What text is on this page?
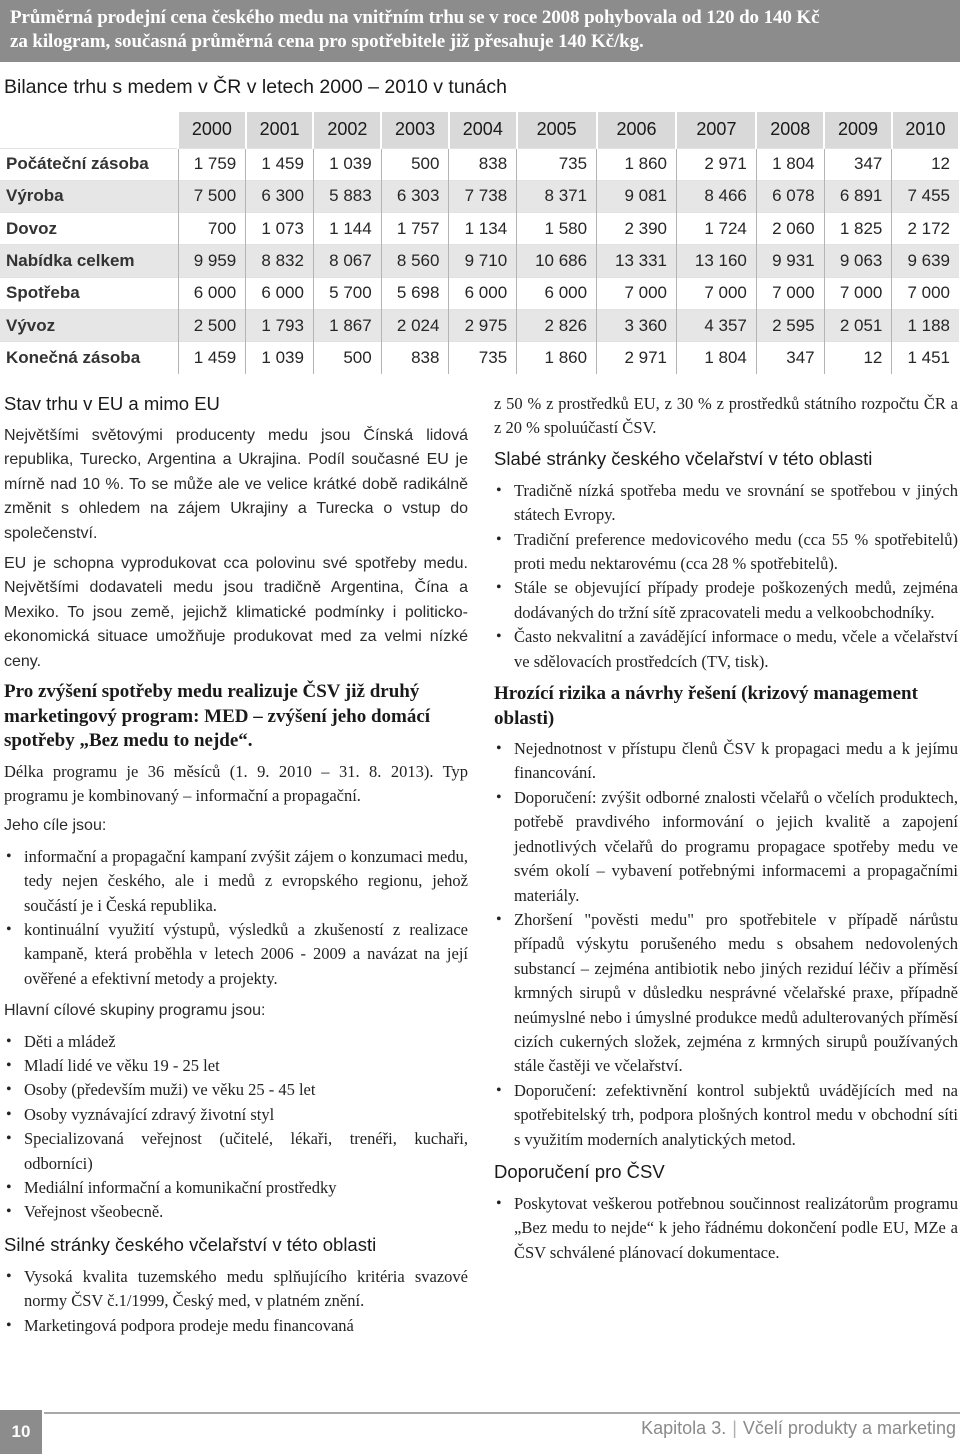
Průměrná prodejní cena českého medu na vnitřním trhu se v roce 2008 pohybovala od 120 do 140 Kč
za kilogram, současná průměrná cena pro spotřebitele již přesahuje 140 Kč/kg.
Bilance trhu s medem v ČR v letech 2000 – 2010 v tunách
	2000	2001	2002	2003	2004	2005	2006	2007	2008	2009	2010
Počáteční zásoba	1 759	1 459	1 039	500	838	735	1 860	2 971	1 804	347	12
Výroba	7 500	6 300	5 883	6 303	7 738	8 371	9 081	8 466	6 078	6 891	7 455
Dovoz	700	1 073	1 144	1 757	1 134	1 580	2 390	1 724	2 060	1 825	2 172
Nabídka celkem	9 959	8 832	8 067	8 560	9 710	10 686	13 331	13 160	9 931	9 063	9 639
Spotřeba	6 000	6 000	5 700	5 698	6 000	6 000	7 000	7 000	7 000	7 000	7 000
Vývoz	2 500	1 793	1 867	2 024	2 975	2 826	3 360	4 357	2 595	2 051	1 188
Konečná zásoba	1 459	1 039	500	838	735	1 860	2 971	1 804	347	12	1 451
Stav trhu v EU a mimo EU

Největšími světovými producenty medu jsou Čínská lidová republika, Turecko, Argentina a Ukrajina. Podíl současné EU je mírně nad 10 %. To se může ale ve velice krátké době radikálně změnit s ohledem na zájem Ukrajiny a Turecka o vstup do společenství.

EU je schopna vyprodukovat cca polovinu své spotřeby medu. Největšími dodavateli medu jsou tradičně Argentina, Čína a Mexiko. To jsou země, jejichž klimatické podmínky i politicko-ekonomická situace umožňuje produkovat med za velmi nízké ceny.

Pro zvýšení spotřeby medu realizuje ČSV již druhý marketingový program: MED – zvýšení jeho domácí spotřeby „Bez medu to nejde“.

Délka programu je 36 měsíců (1. 9. 2010 – 31. 8. 2013). Typ programu je kombinovaný – informační a propagační.

Jeho cíle jsou:

• informační a propagační kampaní zvýšit zájem o konzumaci medu, tedy nejen českého, ale i medů z evropského regionu, jehož součástí je i Česká republika.
• kontinuální využití výstupů, výsledků a zkušeností z realizace kampaně, která proběhla v letech 2006 - 2009 a navázat na její ověřené a efektivní metody a projekty.

Hlavní cílové skupiny programu jsou:

• Děti a mládež
• Mladí lidé ve věku 19 - 25 let
• Osoby (především muži) ve věku 25 - 45 let
• Osoby vyznávající zdravý životní styl
• Specializovaná veřejnost (učitelé, lékaři, trenéři, kuchaři, odborníci)
• Mediální informační a komunikační prostředky
• Veřejnost všeobecně.
Silné stránky českého včelařství v této oblasti
• Vysoká kvalita tuzemského medu splňujícího kritéria svazové normy ČSV č.1/1999, Český med, v platném znění.
• Marketingová podpora prodeje medu financovaná

z 50 % z prostředků EU, z 30 % z prostředků státního rozpočtu ČR a z 20 % spoluúčastí ČSV.

Slabé stránky českého včelařství v této oblasti
• Tradičně nízká spotřeba medu ve srovnání se spotřebou v jiných státech Evropy.
• Tradiční preference medovicového medu (cca 55 % spotřebitelů) proti medu nektarovému (cca 28 % spotřebitelů).
• Stále se objevující případy prodeje poškozených medů, zejména dodávaných do tržní sítě zpracovateli medu a velkoobchodníky.
• Často nekvalitní a zavádějící informace o medu, včele a včelařství ve sdělovacích prostředcích (TV, tisk).
Hrozící rizika a návrhy řešení (krizový management oblasti)
• Nejednotnost v přístupu členů ČSV k propagaci medu a k jejímu financování.
• Doporučení: zvýšit odborné znalosti včelařů o včelích produktech, potřebě pravdivého informování o jejich kvalitě a zapojení jednotlivých včelařů do programu propagace spotřeby medu ve svém okolí – vybavení potřebnými informacemi a propagačními materiály.
• Zhoršení "pověsti medu" pro spotřebitele v případě nárůstu případů výskytu porušeného medu s obsahem nedovolených substancí – zejména antibiotik nebo jiných reziduí léčiv a příměsí krmných sirupů v důsledku nesprávné včelařské praxe, případně neúmyslné nebo i úmyslné produkce medů adulterovaných příměsí cizích cukerných složek, zejména z krmných sirupů používaných stále častěji ve včelařství.
• Doporučení: zefektivnění kontrol subjektů uvádějících med na spotřebitelský trh, podpora plošných kontrol medu v obchodní síti s využitím moderních analytických metod.
Doporučení pro ČSV
• Poskytovat veškerou potřebnou součinnost realizátorům programu „Bez medu to nejde“ k jeho řádnému dokončení podle EU, MZe a ČSV schválené plánovací dokumentace.
10	Kapitola 3. | Včelí produkty a marketing
